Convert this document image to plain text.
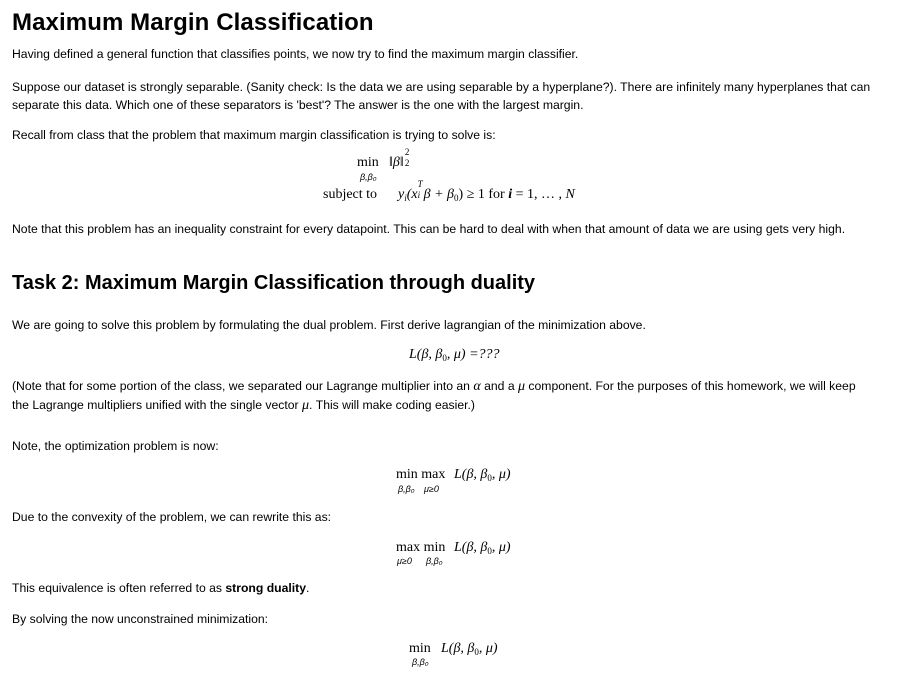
Maximum Margin Classification

Having defined a general function that classifies points, we now try to find the maximum margin classifier.

Suppose our dataset is strongly separable. (Sanity check: Is the data we are using separable by a hyperplane?). There are infinitely many hyperplanes that can
separate this data. Which one of these separators is 'best'? The answer is the one with the largest margin.

Recall from class that the problem that maximum margin classification is trying to solve is:

min
β,β₀
‖β‖
2
2
subject to $y_i(x$
T
i $\beta + \beta_0) \ge 1$ for i = 1, … , N

Note that this problem has an inequality constraint for every datapoint. This can be hard to deal with when that amount of data we are using gets very high.

Task 2: Maximum Margin Classification through duality

We are going to solve this problem by formulating the dual problem. First derive lagrangian of the minimization above.

L(β, $\beta_0$, μ) =???

(Note that for some portion of the class, we separated our Lagrange multiplier into an α and a μ component. For the purposes of this homework, we will keep
the Lagrange multipliers unified with the single vector μ. This will make coding easier.)

Note, the optimization problem is now:

min max
β,β₀ μ≥0
L(β, $\beta_0$, μ)

Due to the convexity of the problem, we can rewrite this as:

max min
μ≥0 β,β₀
L(β, $\beta_0$, μ)

This equivalence is often referred to as strong duality.

By solving the now unconstrained minimization:

min
β,β₀
L(β, $\beta_0$, μ)
